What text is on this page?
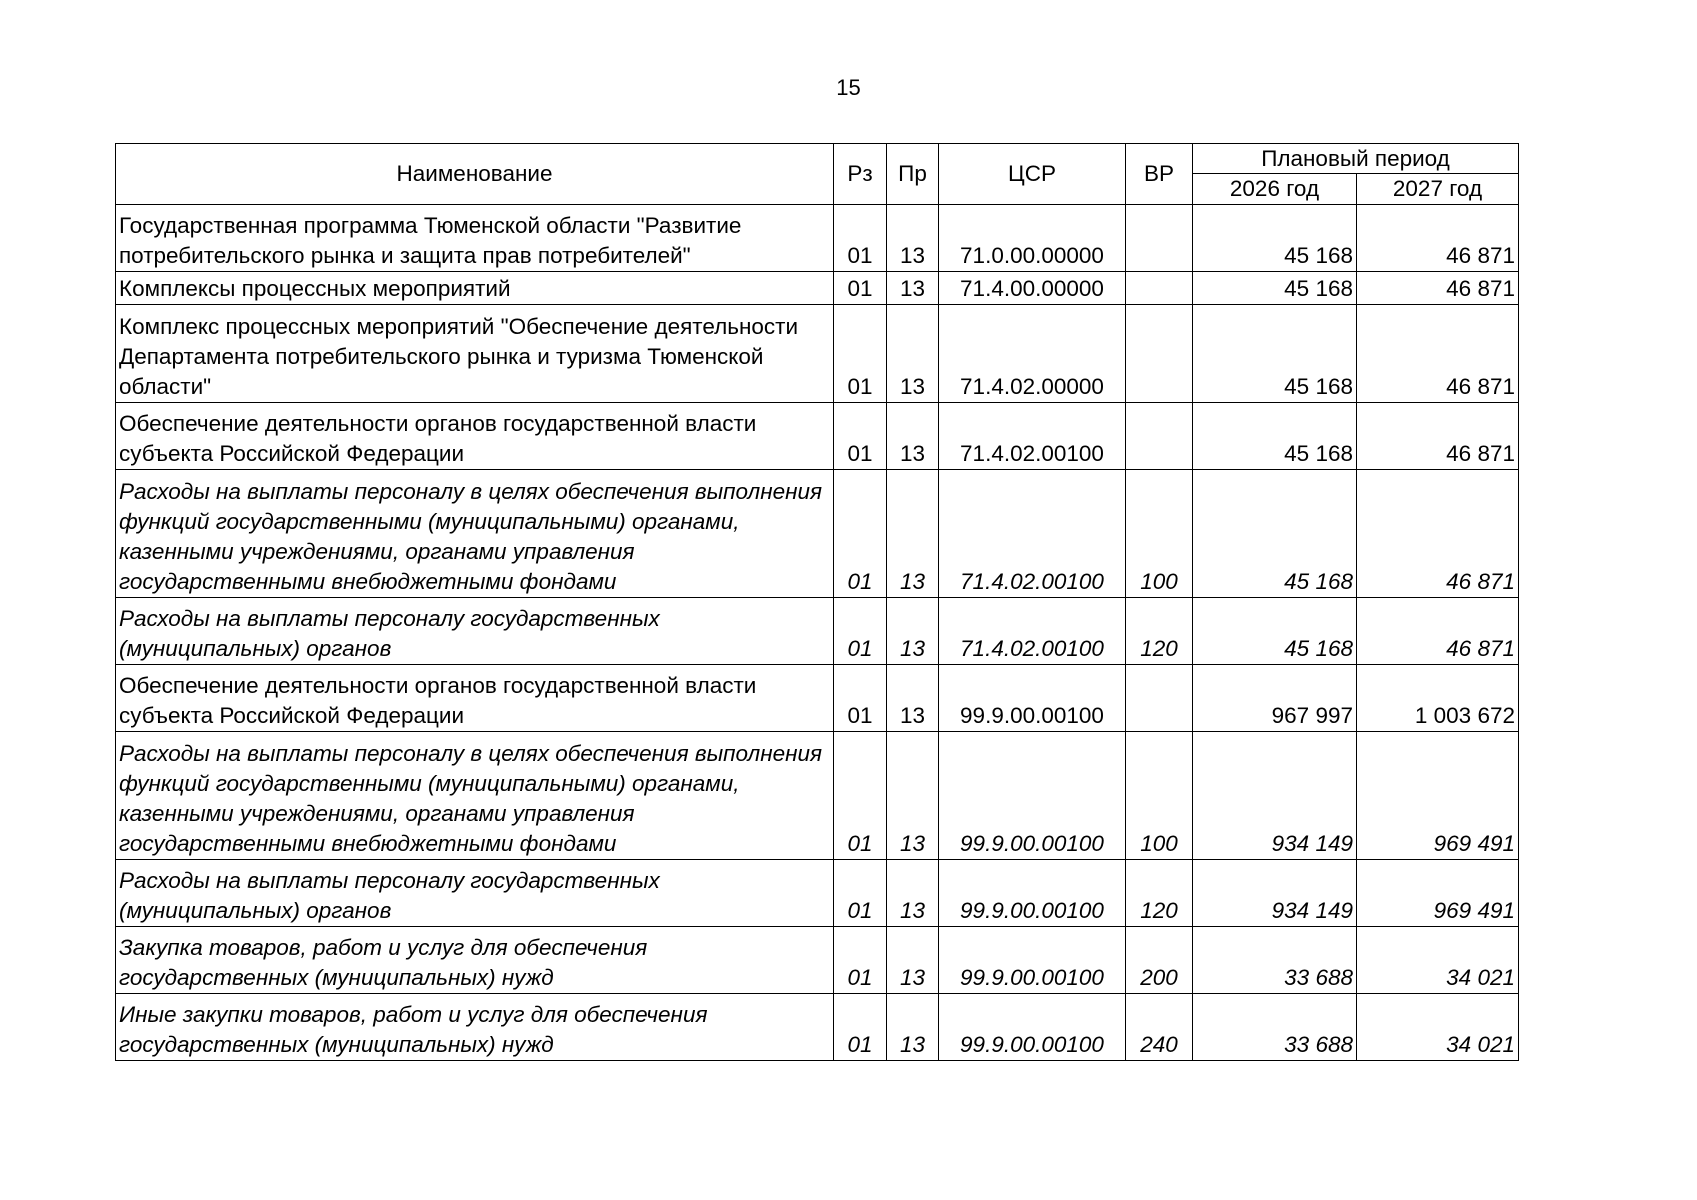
15
Наименование	Рз	Пр	ЦСР	ВР	Плановый период	
					2026 год	2027 год
Государственная программа Тюменской области "Развитие потребительского рынка и защита прав потребителей"	01	13	71.0.00.00000		45 168	46 871
Комплексы процессных мероприятий	01	13	71.4.00.00000		45 168	46 871
Комплекс процессных мероприятий "Обеспечение деятельности Департамента потребительского рынка и туризма Тюменской области"	01	13	71.4.02.00000		45 168	46 871
Обеспечение деятельности органов государственной власти субъекта Российской Федерации	01	13	71.4.02.00100		45 168	46 871
Расходы на выплаты персоналу в целях обеспечения выполнения функций государственными (муниципальными) органами, казенными учреждениями, органами управления государственными внебюджетными фондами	01	13	71.4.02.00100	100	45 168	46 871
Расходы на выплаты персоналу государственных (муниципальных) органов	01	13	71.4.02.00100	120	45 168	46 871
Обеспечение деятельности органов государственной власти субъекта Российской Федерации	01	13	99.9.00.00100		967 997	1 003 672
Расходы на выплаты персоналу в целях обеспечения выполнения функций государственными (муниципальными) органами, казенными учреждениями, органами управления государственными внебюджетными фондами	01	13	99.9.00.00100	100	934 149	969 491
Расходы на выплаты персоналу государственных (муниципальных) органов	01	13	99.9.00.00100	120	934 149	969 491
Закупка товаров, работ и услуг для обеспечения государственных (муниципальных) нужд	01	13	99.9.00.00100	200	33 688	34 021
Иные закупки товаров, работ и услуг для обеспечения государственных (муниципальных) нужд	01	13	99.9.00.00100	240	33 688	34 021
